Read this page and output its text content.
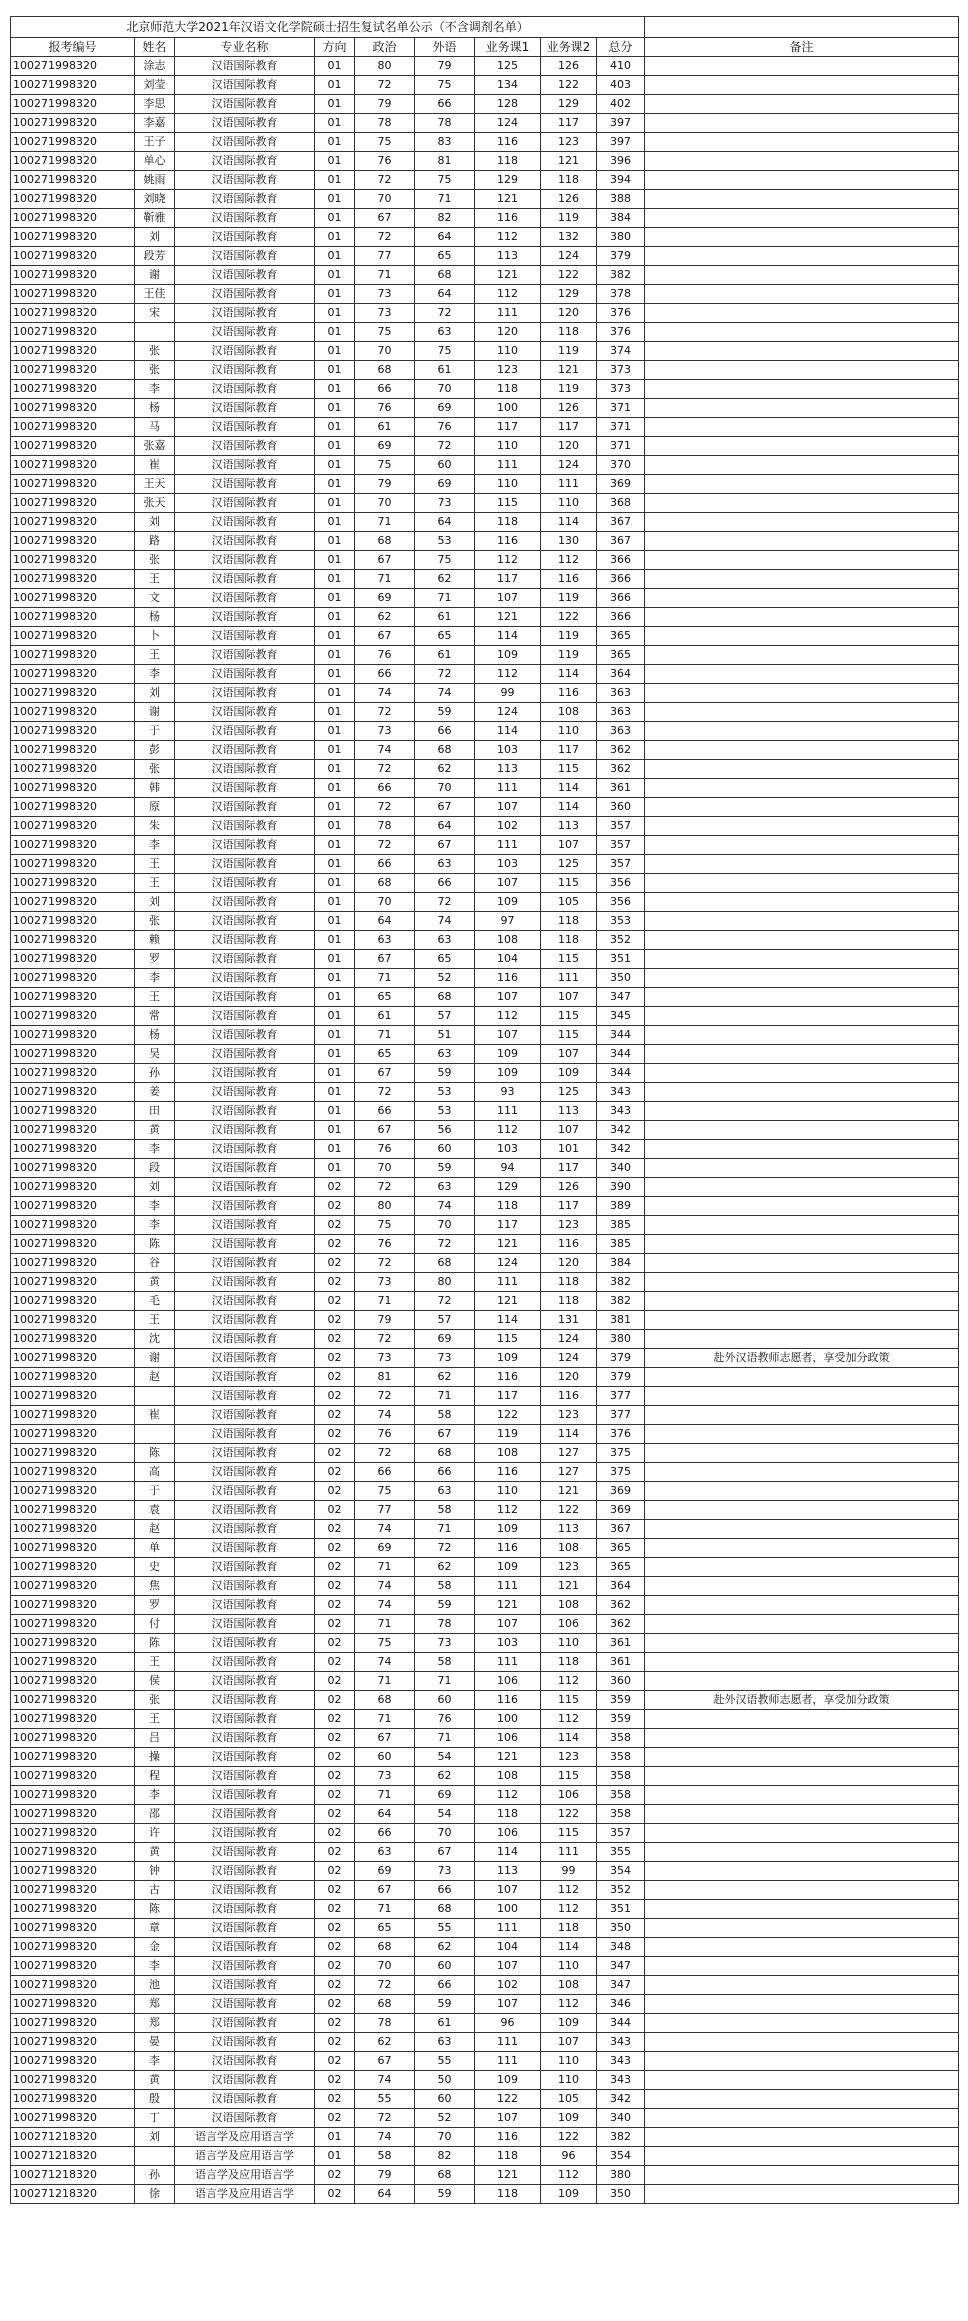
北京师范大学2021年汉语文化学院硕士招生复试名单公示（不含调剂名单）									
报考编号	姓名	专业名称	方向	政治	外语	业务课1	业务课2	总分	备注
100271998320	涂志	汉语国际教育	01	80	79	125	126	410	
100271998320	刘莹	汉语国际教育	01	72	75	134	122	403	
100271998320	李思	汉语国际教育	01	79	66	128	129	402	
100271998320	李嘉	汉语国际教育	01	78	78	124	117	397	
100271998320	王子	汉语国际教育	01	75	83	116	123	397	
100271998320	单心	汉语国际教育	01	76	81	118	121	396	
100271998320	姚雨	汉语国际教育	01	72	75	129	118	394	
100271998320	刘晓	汉语国际教育	01	70	71	121	126	388	
100271998320	靳雅	汉语国际教育	01	67	82	116	119	384	
100271998320	刘	汉语国际教育	01	72	64	112	132	380	
100271998320	段芳	汉语国际教育	01	77	65	113	124	379	
100271998320	谢	汉语国际教育	01	71	68	121	122	382	
100271998320	王佳	汉语国际教育	01	73	64	112	129	378	
100271998320	宋	汉语国际教育	01	73	72	111	120	376	
100271998320		汉语国际教育	01	75	63	120	118	376	
100271998320	张	汉语国际教育	01	70	75	110	119	374	
100271998320	张	汉语国际教育	01	68	61	123	121	373	
100271998320	李	汉语国际教育	01	66	70	118	119	373	
100271998320	杨	汉语国际教育	01	76	69	100	126	371	
100271998320	马	汉语国际教育	01	61	76	117	117	371	
100271998320	张嘉	汉语国际教育	01	69	72	110	120	371	
100271998320	崔	汉语国际教育	01	75	60	111	124	370	
100271998320	王天	汉语国际教育	01	79	69	110	111	369	
100271998320	张天	汉语国际教育	01	70	73	115	110	368	
100271998320	刘	汉语国际教育	01	71	64	118	114	367	
100271998320	路	汉语国际教育	01	68	53	116	130	367	
100271998320	张	汉语国际教育	01	67	75	112	112	366	
100271998320	王	汉语国际教育	01	71	62	117	116	366	
100271998320	文	汉语国际教育	01	69	71	107	119	366	
100271998320	杨	汉语国际教育	01	62	61	121	122	366	
100271998320	卜	汉语国际教育	01	67	65	114	119	365	
100271998320	王	汉语国际教育	01	76	61	109	119	365	
100271998320	李	汉语国际教育	01	66	72	112	114	364	
100271998320	刘	汉语国际教育	01	74	74	99	116	363	
100271998320	谢	汉语国际教育	01	72	59	124	108	363	
100271998320	于	汉语国际教育	01	73	66	114	110	363	
100271998320	彭	汉语国际教育	01	74	68	103	117	362	
100271998320	张	汉语国际教育	01	72	62	113	115	362	
100271998320	韩	汉语国际教育	01	66	70	111	114	361	
100271998320	原	汉语国际教育	01	72	67	107	114	360	
100271998320	朱	汉语国际教育	01	78	64	102	113	357	
100271998320	李	汉语国际教育	01	72	67	111	107	357	
100271998320	王	汉语国际教育	01	66	63	103	125	357	
100271998320	王	汉语国际教育	01	68	66	107	115	356	
100271998320	刘	汉语国际教育	01	70	72	109	105	356	
100271998320	张	汉语国际教育	01	64	74	97	118	353	
100271998320	赖	汉语国际教育	01	63	63	108	118	352	
100271998320	罗	汉语国际教育	01	67	65	104	115	351	
100271998320	李	汉语国际教育	01	71	52	116	111	350	
100271998320	王	汉语国际教育	01	65	68	107	107	347	
100271998320	常	汉语国际教育	01	61	57	112	115	345	
100271998320	杨	汉语国际教育	01	71	51	107	115	344	
100271998320	吴	汉语国际教育	01	65	63	109	107	344	
100271998320	孙	汉语国际教育	01	67	59	109	109	344	
100271998320	姜	汉语国际教育	01	72	53	93	125	343	
100271998320	田	汉语国际教育	01	66	53	111	113	343	
100271998320	黄	汉语国际教育	01	67	56	112	107	342	
100271998320	李	汉语国际教育	01	76	60	103	101	342	
100271998320	段	汉语国际教育	01	70	59	94	117	340	
100271998320	刘	汉语国际教育	02	72	63	129	126	390	
100271998320	李	汉语国际教育	02	80	74	118	117	389	
100271998320	李	汉语国际教育	02	75	70	117	123	385	
100271998320	陈	汉语国际教育	02	76	72	121	116	385	
100271998320	谷	汉语国际教育	02	72	68	124	120	384	
100271998320	黄	汉语国际教育	02	73	80	111	118	382	
100271998320	毛	汉语国际教育	02	71	72	121	118	382	
100271998320	王	汉语国际教育	02	79	57	114	131	381	
100271998320	沈	汉语国际教育	02	72	69	115	124	380	
100271998320	谢	汉语国际教育	02	73	73	109	124	379	赴外汉语教师志愿者，享受加分政策
100271998320	赵	汉语国际教育	02	81	62	116	120	379	
100271998320		汉语国际教育	02	72	71	117	116	377	
100271998320	崔	汉语国际教育	02	74	58	122	123	377	
100271998320		汉语国际教育	02	76	67	119	114	376	
100271998320	陈	汉语国际教育	02	72	68	108	127	375	
100271998320	高	汉语国际教育	02	66	66	116	127	375	
100271998320	于	汉语国际教育	02	75	63	110	121	369	
100271998320	袁	汉语国际教育	02	77	58	112	122	369	
100271998320	赵	汉语国际教育	02	74	71	109	113	367	
100271998320	单	汉语国际教育	02	69	72	116	108	365	
100271998320	史	汉语国际教育	02	71	62	109	123	365	
100271998320	焦	汉语国际教育	02	74	58	111	121	364	
100271998320	罗	汉语国际教育	02	74	59	121	108	362	
100271998320	付	汉语国际教育	02	71	78	107	106	362	
100271998320	陈	汉语国际教育	02	75	73	103	110	361	
100271998320	王	汉语国际教育	02	74	58	111	118	361	
100271998320	侯	汉语国际教育	02	71	71	106	112	360	
100271998320	张	汉语国际教育	02	68	60	116	115	359	赴外汉语教师志愿者，享受加分政策
100271998320	王	汉语国际教育	02	71	76	100	112	359	
100271998320	吕	汉语国际教育	02	67	71	106	114	358	
100271998320	操	汉语国际教育	02	60	54	121	123	358	
100271998320	程	汉语国际教育	02	73	62	108	115	358	
100271998320	李	汉语国际教育	02	71	69	112	106	358	
100271998320	邵	汉语国际教育	02	64	54	118	122	358	
100271998320	许	汉语国际教育	02	66	70	106	115	357	
100271998320	黄	汉语国际教育	02	63	67	114	111	355	
100271998320	钟	汉语国际教育	02	69	73	113	99	354	
100271998320	古	汉语国际教育	02	67	66	107	112	352	
100271998320	陈	汉语国际教育	02	71	68	100	112	351	
100271998320	章	汉语国际教育	02	65	55	111	118	350	
100271998320	金	汉语国际教育	02	68	62	104	114	348	
100271998320	李	汉语国际教育	02	70	60	107	110	347	
100271998320	池	汉语国际教育	02	72	66	102	108	347	
100271998320	郑	汉语国际教育	02	68	59	107	112	346	
100271998320	郑	汉语国际教育	02	78	61	96	109	344	
100271998320	晏	汉语国际教育	02	62	63	111	107	343	
100271998320	李	汉语国际教育	02	67	55	111	110	343	
100271998320	黄	汉语国际教育	02	74	50	109	110	343	
100271998320	殷	汉语国际教育	02	55	60	122	105	342	
100271998320	丁	汉语国际教育	02	72	52	107	109	340	
100271218320	刘	语言学及应用语言学	01	74	70	116	122	382	
100271218320		语言学及应用语言学	01	58	82	118	96	354	
100271218320	孙	语言学及应用语言学	02	79	68	121	112	380	
100271218320	徐	语言学及应用语言学	02	64	59	118	109	350	
